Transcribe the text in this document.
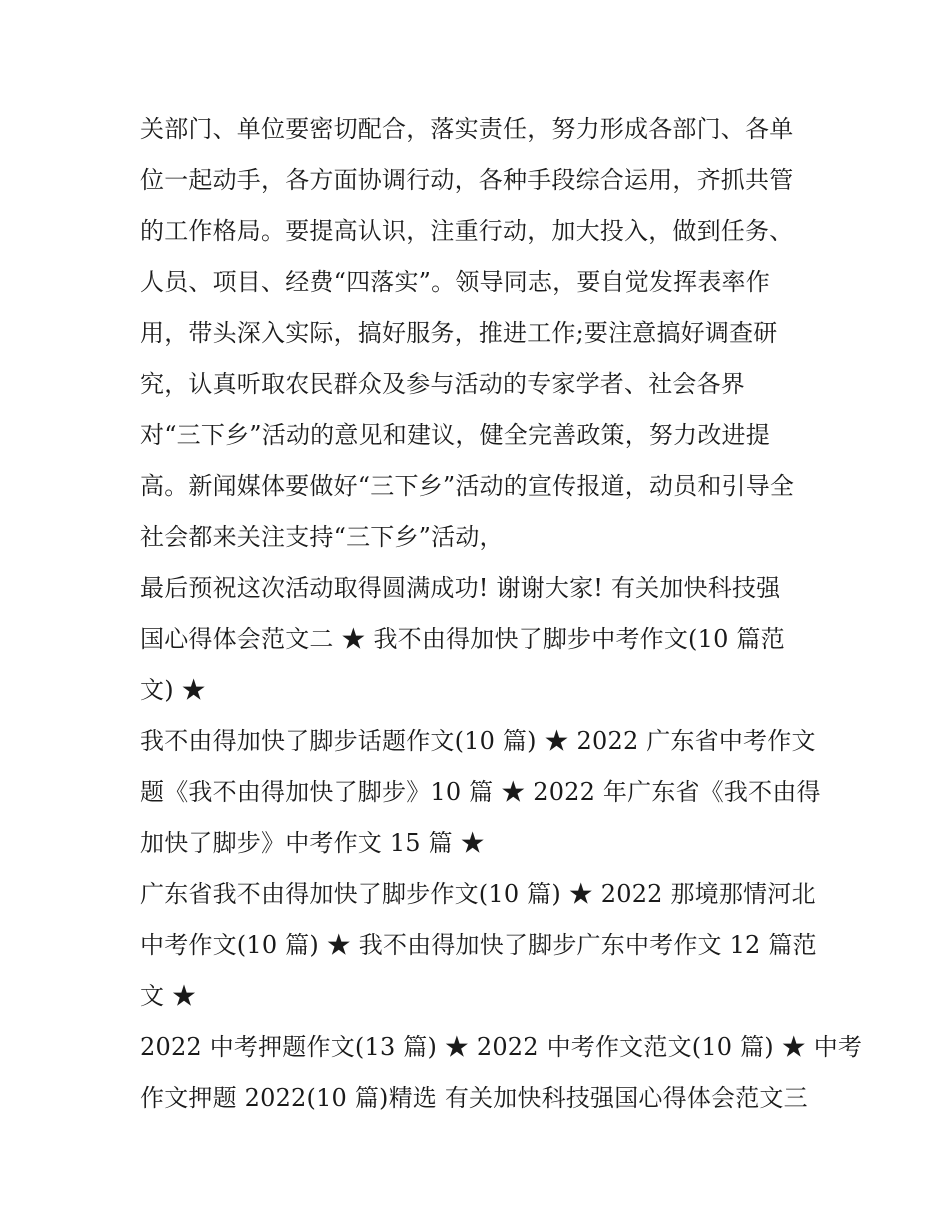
关部门、单位要密切配合，落实责任，努力形成各部门、各单
位一起动手，各方面协调行动，各种手段综合运用，齐抓共管
的工作格局。要提高认识，注重行动，加大投入，做到任务、
人员、项目、经费“四落实”。领导同志，要自觉发挥表率作
用，带头深入实际，搞好服务，推进工作;要注意搞好调查研
究，认真听取农民群众及参与活动的专家学者、社会各界
对“三下乡”活动的意见和建议，健全完善政策，努力改进提
高。新闻媒体要做好“三下乡”活动的宣传报道，动员和引导全
社会都来关注支持“三下乡”活动，

最后预祝这次活动取得圆满成功! 谢谢大家! 有关加快科技强
国心得体会范文二 ★ 我不由得加快了脚步中考作文(10 篇范
文) ★

我不由得加快了脚步话题作文(10 篇) ★ 2022 广东省中考作文
题《我不由得加快了脚步》10 篇 ★ 2022 年广东省《我不由得
加快了脚步》中考作文 15 篇 ★

广东省我不由得加快了脚步作文(10 篇) ★ 2022 那境那情河北
中考作文(10 篇) ★ 我不由得加快了脚步广东中考作文 12 篇范
文 ★

2022 中考押题作文(13 篇) ★ 2022 中考作文范文(10 篇) ★ 中考
作文押题 2022(10 篇)精选 有关加快科技强国心得体会范文三
